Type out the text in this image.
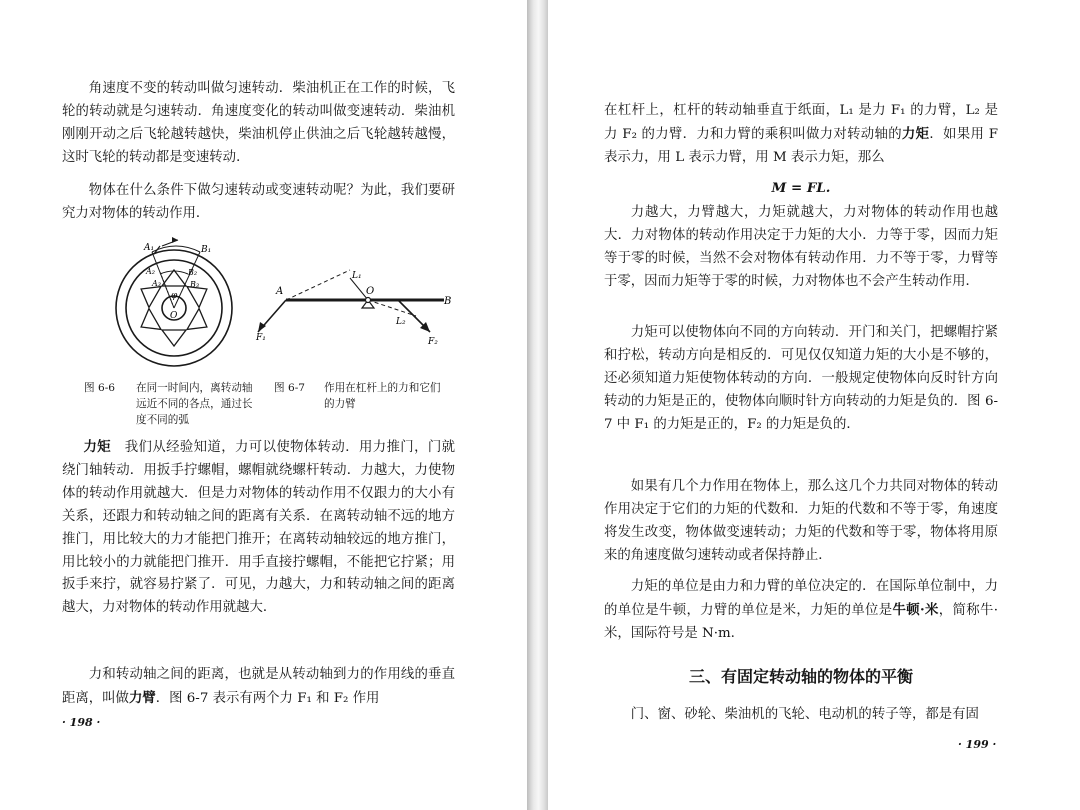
角速度不变的转动叫做匀速转动．柴油机正在工作的时候，飞轮的转动就是匀速转动．角速度变化的转动叫做变速转动．柴油机刚刚开动之后飞轮越转越快，柴油机停止供油之后飞轮越转越慢，这时飞轮的转动都是变速转动．

物体在什么条件下做匀速转动或变速转动呢？为此，我们要研究力对物体的转动作用．

A₁	B₁
A₂	B₂
A₃	B₃
φ
O
A
B
O
L₁
L₂
F₁	F₂
图 6-6	在同一时间内，离转动轴远近不同的各点，通过长度不同的弧
图 6-7	作用在杠杆上的力和它们的力臂

力矩　 我们从经验知道，力可以使物体转动．用力推门，门就绕门轴转动．用扳手拧螺帽，螺帽就绕螺杆转动．力越大，力使物体的转动作用就越大．但是力对物体的转动作用不仅跟力的大小有关系，还跟力和转动轴之间的距离有关系．在离转动轴不远的地方推门，用比较大的力才能把门推开；在离转动轴较远的地方推门，用比较小的力就能把门推开．用手直接拧螺帽，不能把它拧紧；用扳手来拧，就容易拧紧了．可见，力越大，力和转动轴之间的距离越大，力对物体的转动作用就越大．

力和转动轴之间的距离，也就是从转动轴到力的作用线的垂直距离，叫做力臂．图 6-7 表示有两个力 F₁ 和 F₂ 作用

· 198 ·

在杠杆上，杠杆的转动轴垂直于纸面，L₁ 是力 F₁ 的力臂，L₂ 是力 F₂ 的力臂．力和力臂的乘积叫做力对转动轴的力矩．如果用 F 表示力，用 L 表示力臂，用 M 表示力矩，那么

M = FL.

力越大，力臂越大，力矩就越大，力对物体的转动作用也越大．力对物体的转动作用决定于力矩的大小．力等于零，因而力矩等于零的时候，当然不会对物体有转动作用．力不等于零，力臂等于零，因而力矩等于零的时候，力对物体也不会产生转动作用．

力矩可以使物体向不同的方向转动．开门和关门，把螺帽拧紧和拧松，转动方向是相反的．可见仅仅知道力矩的大小是不够的，还必须知道力矩使物体转动的方向．一般规定使物体向反时针方向转动的力矩是正的，使物体向顺时针方向转动的力矩是负的．图 6-7 中 F₁ 的力矩是正的，F₂ 的力矩是负的．

如果有几个力作用在物体上，那么这几个力共同对物体的转动作用决定于它们的力矩的代数和．力矩的代数和不等于零，角速度将发生改变，物体做变速转动；力矩的代数和等于零，物体将用原来的角速度做匀速转动或者保持静止．

力矩的单位是由力和力臂的单位决定的．在国际单位制中，力的单位是牛顿，力臂的单位是米，力矩的单位是牛顿·米，简称牛·米，国际符号是 N·m.

三、有固定转动轴的物体的平衡

门、窗、砂轮、柴油机的飞轮、电动机的转子等，都是有固

· 199 ·
